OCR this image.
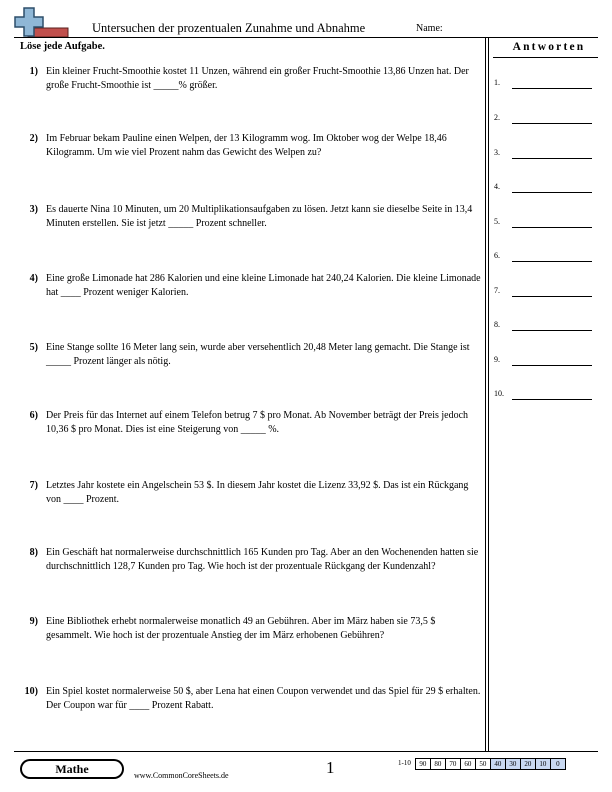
Untersuchen der prozentualen Zunahme und Abnahme	Name:
Löse jede Aufgabe.	Antworten
1.
2.
3.
4.
5.
6.
7.
8.
9.
10.
1) Ein kleiner Frucht-Smoothie kostet 11 Unzen, während ein großer Frucht-Smoothie 13,86 Unzen hat. Der große Frucht-Smoothie ist _____% größer.
2) Im Februar bekam Pauline einen Welpen, der 13 Kilogramm wog. Im Oktober wog der Welpe 18,46 Kilogramm. Um wie viel Prozent nahm das Gewicht des Welpen zu?
3) Es dauerte Nina 10 Minuten, um 20 Multiplikationsaufgaben zu lösen. Jetzt kann sie dieselbe Seite in 13,4 Minuten erstellen. Sie ist jetzt _____ Prozent schneller.
4) Eine große Limonade hat 286 Kalorien und eine kleine Limonade hat 240,24 Kalorien. Die kleine Limonade hat ____ Prozent weniger Kalorien.
5) Eine Stange sollte 16 Meter lang sein, wurde aber versehentlich 20,48 Meter lang gemacht. Die Stange ist _____ Prozent länger als nötig.
6) Der Preis für das Internet auf einem Telefon betrug 7 $ pro Monat. Ab November beträgt der Preis jedoch 10,36 $ pro Monat. Dies ist eine Steigerung von _____ %.
7) Letztes Jahr kostete ein Angelschein 53 $. In diesem Jahr kostet die Lizenz 33,92 $. Das ist ein Rückgang von ____ Prozent.
8) Ein Geschäft hat normalerweise durchschnittlich 165 Kunden pro Tag. Aber an den Wochenenden hatten sie durchschnittlich 128,7 Kunden pro Tag. Wie hoch ist der prozentuale Rückgang der Kundenzahl?
9) Eine Bibliothek erhebt normalerweise monatlich 49 an Gebühren. Aber im März haben sie 73,5 $ gesammelt. Wie hoch ist der prozentuale Anstieg der im März erhobenen Gebühren?
10) Ein Spiel kostet normalerweise 50 $, aber Lena hat einen Coupon verwendet und das Spiel für 29 $ erhalten. Der Coupon war für ____ Prozent Rabatt.
Mathe	www.CommonCoreSheets.de	1	1-10	90	80	70	60	50	40	30	20	10	0
